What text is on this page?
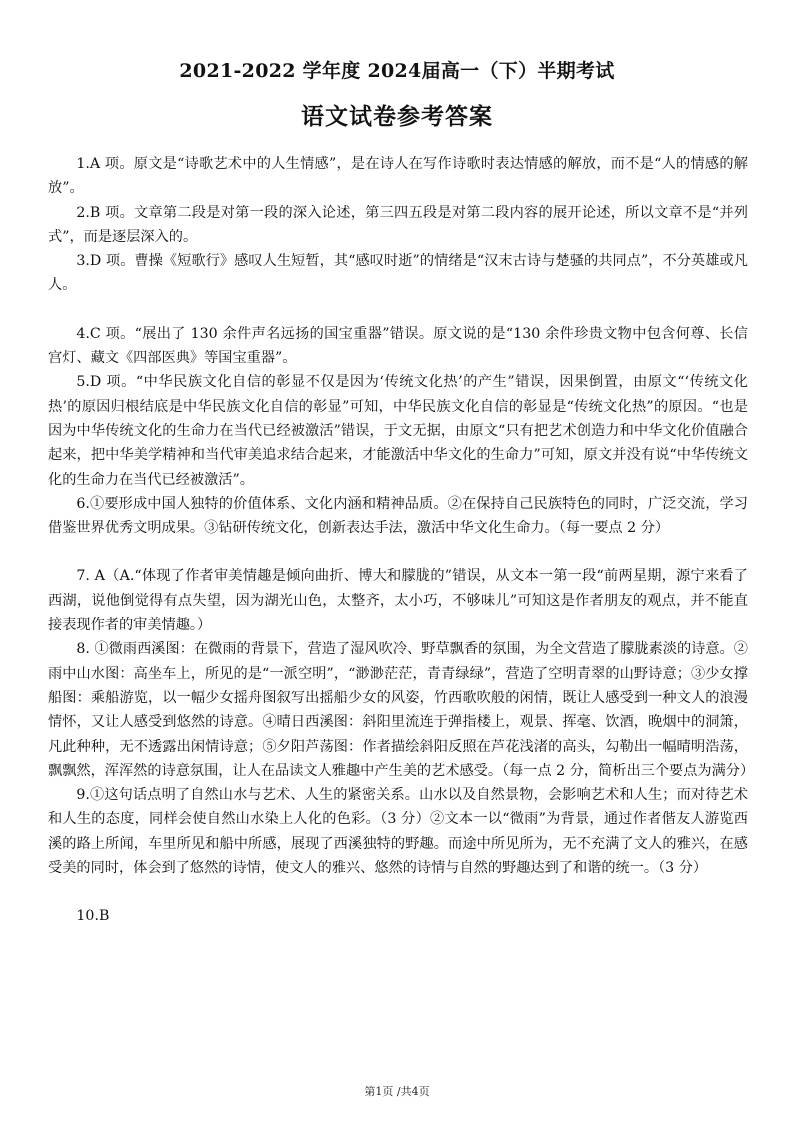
2021-2022 学年度 2024届高一（下）半期考试
语文试卷参考答案

1.A 项。原文是“诗歌艺术中的人生情感”，是在诗人在写作诗歌时表达情感的解放，而不是“人的情感的解放”。

2.B 项。文章第二段是对第一段的深入论述，第三四五段是对第二段内容的展开论述，所以文章不是“并列式”，而是逐层深入的。

3.D 项。曹操《短歌行》感叹人生短暂，其“感叹时逝”的情绪是“汉末古诗与楚骚的共同点”，不分英雄或凡人。

4.C 项。“展出了 130 余件声名远扬的国宝重器”错误。原文说的是“130 余件珍贵文物中包含何尊、长信宫灯、藏文《四部医典》等国宝重器”。

5.D 项。“中华民族文化自信的彰显不仅是因为‘传统文化热’的产生”错误，因果倒置，由原文“‘传统文化热’的原因归根结底是中华民族文化自信的彰显”可知，中华民族文化自信的彰显是“传统文化热”的原因。“也是因为中华传统文化的生命力在当代已经被激活”错误，于文无据，由原文“只有把艺术创造力和中华文化价值融合起来，把中华美学精神和当代审美追求结合起来，才能激活中华文化的生命力”可知，原文并没有说“中华传统文化的生命力在当代已经被激活”。

6.①要形成中国人独特的价值体系、文化内涵和精神品质。②在保持自己民族特色的同时，广泛交流，学习借鉴世界优秀文明成果。③钻研传统文化，创新表达手法，激活中华文化生命力。（每一要点 2 分）

7. A（A.“体现了作者审美情趣是倾向曲折、博大和朦胧的”错误，从文本一第一段“前两星期，源宁来看了西湖，说他倒觉得有点失望，因为湖光山色，太整齐，太小巧，不够味儿”可知这是作者朋友的观点，并不能直接表现作者的审美情趣。）

8. ①微雨西溪图：在微雨的背景下，营造了湿风吹冷、野草飘香的氛围，为全文营造了朦胧素淡的诗意。②雨中山水图：高坐车上，所见的是“一派空明”，“渺渺茫茫，青青绿绿”，营造了空明青翠的山野诗意；③少女撑船图：乘船游览，以一幅少女摇舟图叙写出摇船少女的风姿，竹西歌吹般的闲情，既让人感受到一种文人的浪漫情怀，又让人感受到悠然的诗意。④晴日西溪图：斜阳里流连于弹指楼上，观景、挥毫、饮酒，晚烟中的洞箫，凡此种种，无不透露出闲情诗意；⑤夕阳芦荡图：作者描绘斜阳反照在芦花浅渚的高头，勾勒出一幅晴明浩荡，飘飘然，浑浑然的诗意氛围，让人在品读文人雅趣中产生美的艺术感受。（每一点 2 分，简析出三个要点为满分）

9.①这句话点明了自然山水与艺术、人生的紧密关系。山水以及自然景物，会影响艺术和人生；而对待艺术和人生的态度，同样会使自然山水染上人化的色彩。（3 分）②文本一以“微雨”为背景，通过作者偕友人游览西溪的路上所闻，车里所见和船中所感，展现了西溪独特的野趣。而途中所见所为，无不充满了文人的雅兴，在感受美的同时，体会到了悠然的诗情，使文人的雅兴、悠然的诗情与自然的野趣达到了和谐的统一。（3 分）

10.B

第1页 /共4页
